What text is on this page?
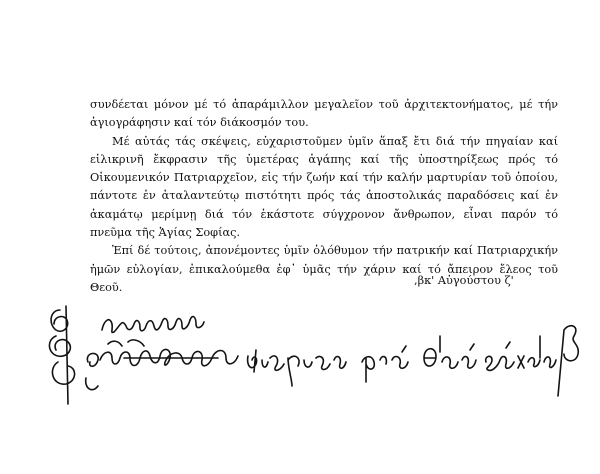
συνδέεται μόνον μέ τό ἀπαράμιλλον μεγαλεῖον τοῦ ἀρχιτεκτονήματος, μέ τήν ἁγιογράφησιν καί τόν διάκοσμόν του.

Μέ αὐτάς τάς σκέψεις, εὐχαριστοῦμεν ὑμῖν ἅπαξ ἔτι διά τήν πηγαίαν καί εἰλικρινῆ ἔκφρασιν τῆς ὑμετέρας ἀγάπης καί τῆς ὑποστηρίξεως πρός τό Οἰκουμενικόν Πατριαρχεῖον, εἰς τήν ζωήν καί τήν καλήν μαρτυρίαν τοῦ ὁποίου, πάντοτε ἐν ἀταλαντεύτῳ πιστότητι πρός τάς ἀποστολικάς παραδόσεις καί ἐν ἀκαμάτῳ μερίμνῃ διά τόν ἑκάστοτε σύγχρονον ἄνθρωπον, εἶναι παρόν τό πνεῦμα τῆς Ἁγίας Σοφίας.

Ἐπί δέ τούτοις, ἀπονέμοντες ὑμῖν ὁλόθυμον τήν πατρικήν καί Πατριαρχικήν ἡμῶν εὐλογίαν, ἐπικαλούμεθα ἐφ᾽ ὑμᾶς τήν χάριν καί τό ἄπειρον ἔλεος τοῦ Θεοῦ.

,βκ' Αὐγούστου ζ'
